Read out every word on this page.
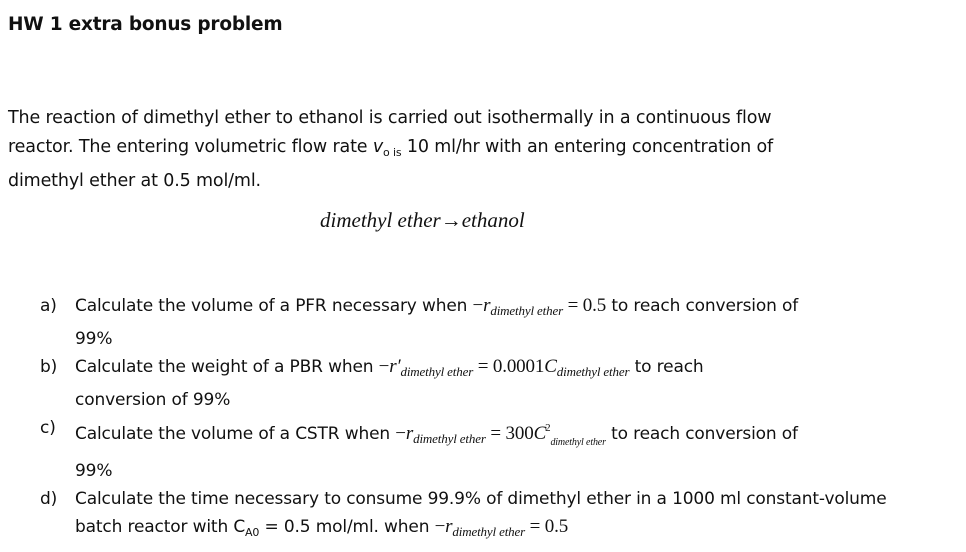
HW 1 extra bonus problem
The reaction of dimethyl ether to ethanol is carried out isothermally in a continuous flow
reactor. The entering volumetric flow rate $v_{o is}$ 10 ml/hr with an entering concentration of
dimethyl ether at 0.5 mol/ml.
dimethyl ether→ethanol
a) Calculate the volume of a PFR necessary when $-r_{dimethyl ether} = 0.5$ to reach conversion of
99%
b) Calculate the weight of a PBR when $-r'_{dimethyl ether} = 0.0001C_{dimethyl ether}$ to reach
conversion of 99%
c) Calculate the volume of a CSTR when $-r_{dimethyl ether} = 300C^2_{dimethyl ether}$ to reach conversion of
99%
d) Calculate the time necessary to consume 99.9% of dimethyl ether in a 1000 ml constant-volume
batch reactor with $C_{A0} = 0.5$ mol/ml. when $-r_{dimethyl ether} = 0.5$
